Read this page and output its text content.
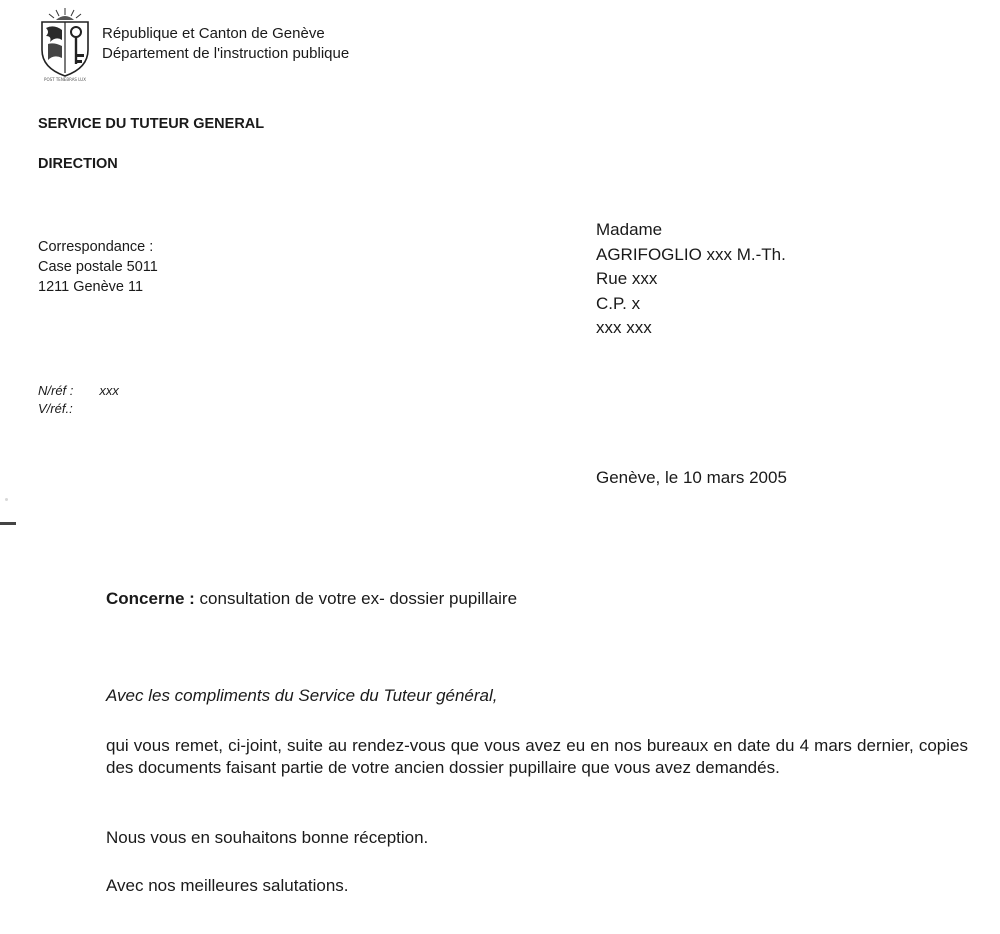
POST TENEBRAS LUX
République et Canton de Genève
Département de l'instruction publique
SERVICE DU TUTEUR GENERAL
DIRECTION
Correspondance :
Case postale 5011
1211 Genève 11
Madame
AGRIFOGLIO xxx M.-Th.
Rue xxx
C.P. x
xxx xxx
N/réf : xxx
V/réf.:
Genève, le 10 mars 2005
Concerne : consultation de votre ex- dossier pupillaire
Avec les compliments du Service du Tuteur général,
qui vous remet, ci-joint, suite au rendez-vous que vous avez eu en nos bureaux en date du 4 mars dernier, copies des documents faisant partie de votre ancien dossier pupillaire que vous avez demandés.
Nous vous en souhaitons bonne réception.
Avec nos meilleures salutations.
